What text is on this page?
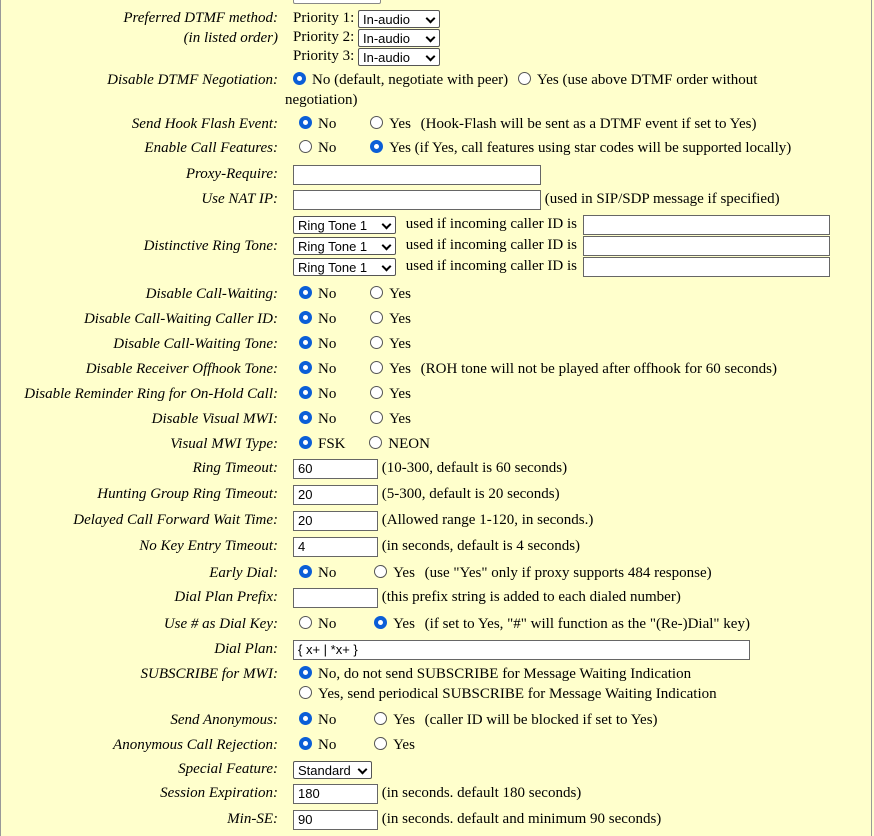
Preferred DTMF method:
(in listed order)
Priority 1: In-audio
Priority 2: In-audio
Priority 3: In-audio
Disable DTMF Negotiation:	No (default, negotiate with peer) Yes (use above DTMF order without
negotiation)
Send Hook Flash Event:	No	Yes (Hook-Flash will be sent as a DTMF event if set to Yes)
Enable Call Features:	No	Yes (if Yes, call features using star codes will be supported locally)
Proxy-Require:
Use NAT IP:	(used in SIP/SDP message if specified)
Distinctive Ring Tone:
Ring Tone 1	used if incoming caller ID is
Ring Tone 1	used if incoming caller ID is
Ring Tone 1	used if incoming caller ID is
Disable Call-Waiting:	No	Yes
Disable Call-Waiting Caller ID:	No	Yes
Disable Call-Waiting Tone:	No	Yes
Disable Receiver Offhook Tone:	No	Yes (ROH tone will not be played after offhook for 60 seconds)
Disable Reminder Ring for On-Hold Call:	No	Yes
Disable Visual MWI:	No	Yes
Visual MWI Type:	FSK	NEON
Ring Timeout:	60	(10-300, default is 60 seconds)
Hunting Group Ring Timeout:	20	(5-300, default is 20 seconds)
Delayed Call Forward Wait Time:	20	(Allowed range 1-120, in seconds.)
No Key Entry Timeout:	4	(in seconds, default is 4 seconds)
Early Dial:	No	Yes (use "Yes" only if proxy supports 484 response)
Dial Plan Prefix:	(this prefix string is added to each dialed number)
Use # as Dial Key:	No	Yes (if set to Yes, "#" will function as the "(Re-)Dial" key)
Dial Plan:	{ x+ | *x+ }
SUBSCRIBE for MWI:	No, do not send SUBSCRIBE for Message Waiting Indication
Yes, send periodical SUBSCRIBE for Message Waiting Indication
Send Anonymous:	No	Yes (caller ID will be blocked if set to Yes)
Anonymous Call Rejection:	No	Yes
Special Feature:	Standard
Session Expiration:	180	(in seconds. default 180 seconds)
Min-SE:	90	(in seconds. default and minimum 90 seconds)
